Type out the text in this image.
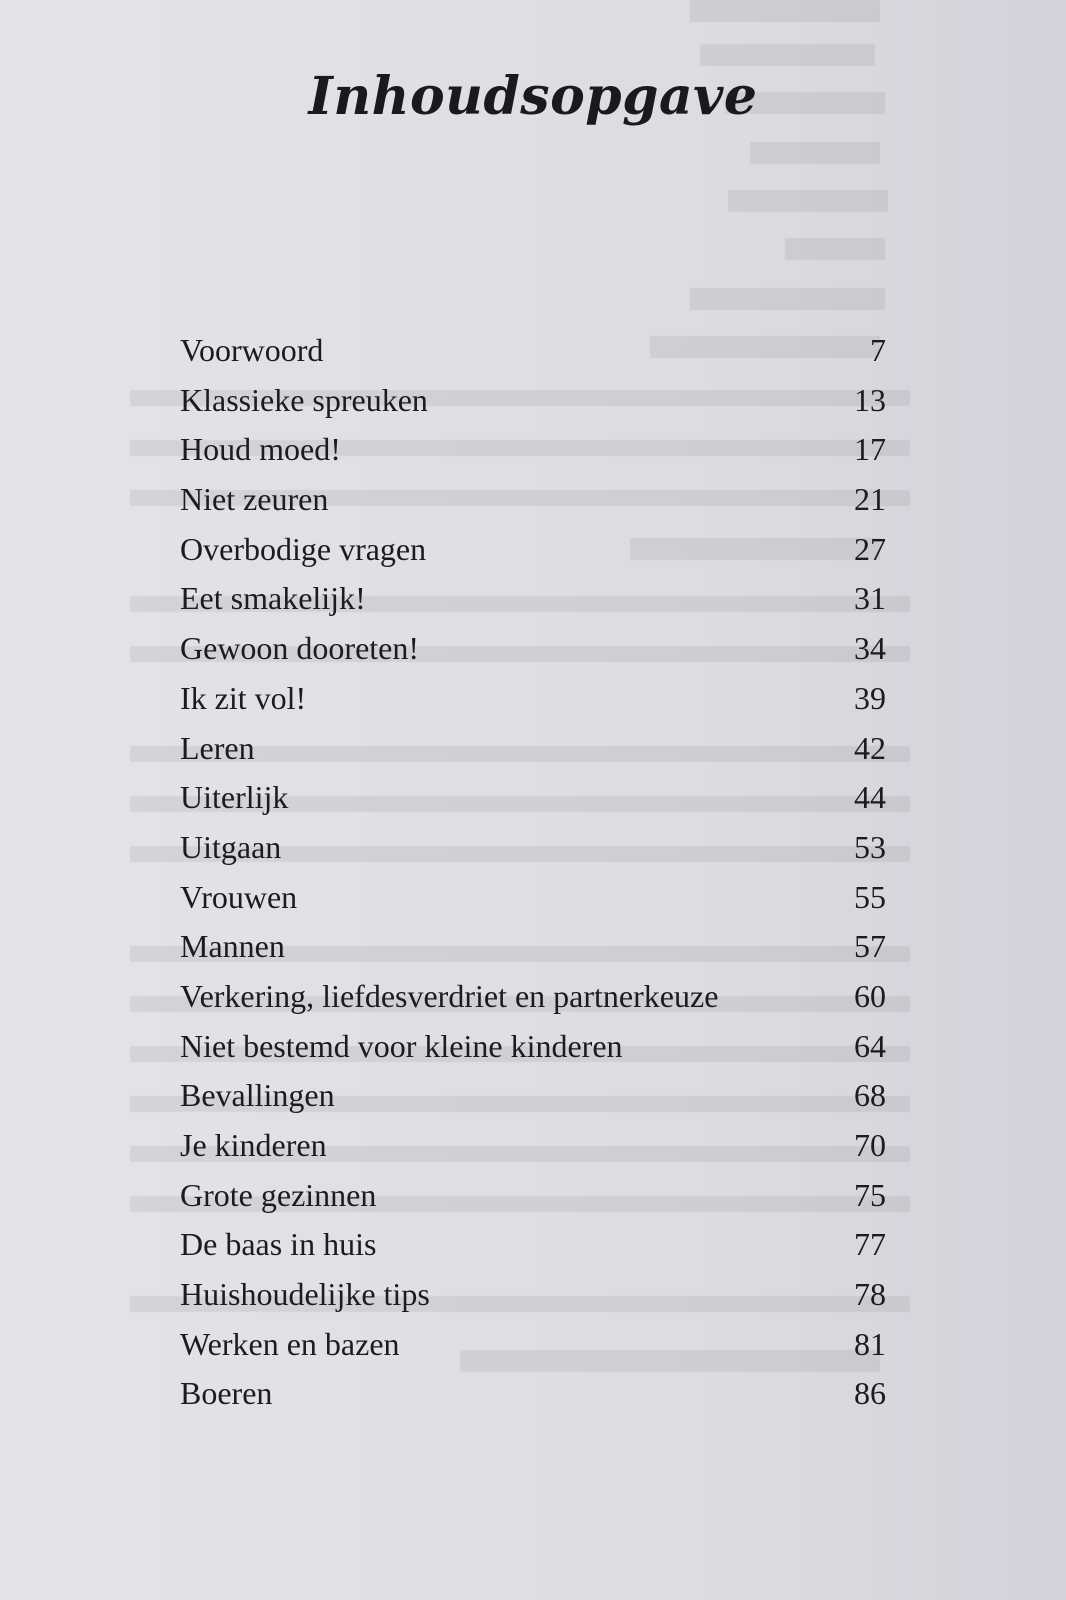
Inhoudsopgave
Voorwoord	7
Klassieke spreuken	13
Houd moed!	17
Niet zeuren	21
Overbodige vragen	27
Eet smakelijk!	31
Gewoon dooreten!	34
Ik zit vol!	39
Leren	42
Uiterlijk	44
Uitgaan	53
Vrouwen	55
Mannen	57
Verkering, liefdesverdriet en partnerkeuze	60
Niet bestemd voor kleine kinderen	64
Bevallingen	68
Je kinderen	70
Grote gezinnen	75
De baas in huis	77
Huishoudelijke tips	78
Werken en bazen	81
Boeren	86
